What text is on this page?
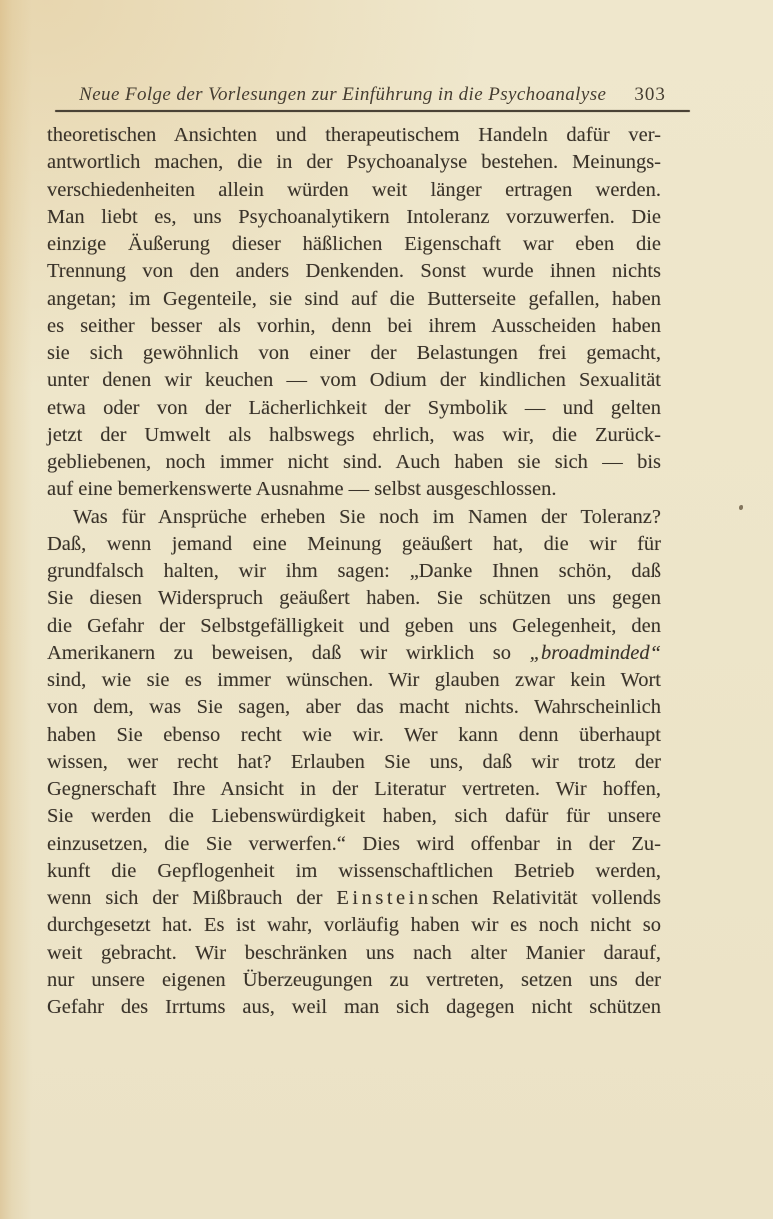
Neue Folge der Vorlesungen zur Einführung in die Psychoanalyse 303
theoretischen Ansichten und therapeutischem Handeln dafür ver-
antwortlich machen, die in der Psychoanalyse bestehen. Meinungs-
verschiedenheiten allein würden weit länger ertragen werden.
Man liebt es, uns Psychoanalytikern Intoleranz vorzuwerfen. Die
einzige Äußerung dieser häßlichen Eigenschaft war eben die
Trennung von den anders Denkenden. Sonst wurde ihnen nichts
angetan; im Gegenteile, sie sind auf die Butterseite gefallen, haben
es seither besser als vorhin, denn bei ihrem Ausscheiden haben
sie sich gewöhnlich von einer der Belastungen frei gemacht,
unter denen wir keuchen — vom Odium der kindlichen Sexualität
etwa oder von der Lächerlichkeit der Symbolik — und gelten
jetzt der Umwelt als halbswegs ehrlich, was wir, die Zurück-
gebliebenen, noch immer nicht sind. Auch haben sie sich — bis
auf eine bemerkenswerte Ausnahme — selbst ausgeschlossen.
Was für Ansprüche erheben Sie noch im Namen der Toleranz?
Daß, wenn jemand eine Meinung geäußert hat, die wir für
grundfalsch halten, wir ihm sagen: „Danke Ihnen schön, daß
Sie diesen Widerspruch geäußert haben. Sie schützen uns gegen
die Gefahr der Selbstgefälligkeit und geben uns Gelegenheit, den
Amerikanern zu beweisen, daß wir wirklich so „broadminded“
sind, wie sie es immer wünschen. Wir glauben zwar kein Wort
von dem, was Sie sagen, aber das macht nichts. Wahrscheinlich
haben Sie ebenso recht wie wir. Wer kann denn überhaupt
wissen, wer recht hat? Erlauben Sie uns, daß wir trotz der
Gegnerschaft Ihre Ansicht in der Literatur vertreten. Wir hoffen,
Sie werden die Liebenswürdigkeit haben, sich dafür für unsere
einzusetzen, die Sie verwerfen.“ Dies wird offenbar in der Zu-
kunft die Gepflogenheit im wissenschaftlichen Betrieb werden,
wenn sich der Mißbrauch der Einsteinschen Relativität vollends
durchgesetzt hat. Es ist wahr, vorläufig haben wir es noch nicht so
weit gebracht. Wir beschränken uns nach alter Manier darauf,
nur unsere eigenen Überzeugungen zu vertreten, setzen uns der
Gefahr des Irrtums aus, weil man sich dagegen nicht schützen
